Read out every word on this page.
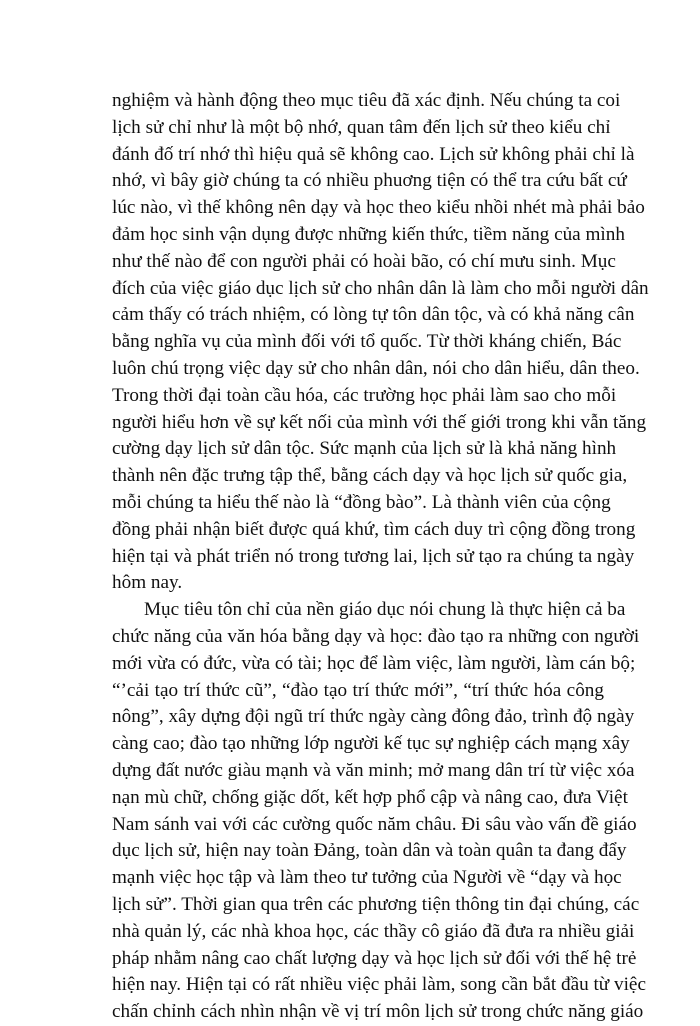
nghiệm và hành động theo mục tiêu đã xác định. Nếu chúng ta coi
lịch sử chỉ như là một bộ nhớ, quan tâm đến lịch sử theo kiểu chỉ
đánh đố trí nhớ thì hiệu quả sẽ không cao. Lịch sử không phải chỉ là
nhớ, vì bây giờ chúng ta có nhiều phuơng tiện có thể tra cứu bất cứ
lúc nào, vì thế không nên dạy và học theo kiểu nhồi nhét mà phải bảo
đảm học sinh vận dụng được những kiến thức, tiềm năng của mình
như thế nào để con người phải có hoài bão, có chí mưu sinh. Mục
đích của việc giáo dục lịch sử cho nhân dân là làm cho mỗi người dân
cảm thấy có trách nhiệm, có lòng tự tôn dân tộc, và có khả năng cân
bằng nghĩa vụ của mình đối với tổ quốc. Từ thời kháng chiến, Bác
luôn chú trọng việc dạy sử cho nhân dân, nói cho dân hiểu, dân theo.
Trong thời đại toàn cầu hóa, các trường học phải làm sao cho mỗi
người hiểu hơn về sự kết nối của mình với thế giới trong khi vẫn tăng
cường dạy lịch sử dân tộc. Sức mạnh của lịch sử là khả năng hình
thành nên đặc trưng tập thể, bằng cách dạy và học lịch sử quốc gia,
mỗi chúng ta hiểu thế nào là “đồng bào”. Là thành viên của cộng
đồng phải nhận biết được quá khứ, tìm cách duy trì cộng đồng trong
hiện tại và phát triển nó trong tương lai, lịch sử tạo ra chúng ta ngày
hôm nay.
Mục tiêu tôn chỉ của nền giáo dục nói chung là thực hiện cả ba
chức năng của văn hóa bằng dạy và học: đào tạo ra những con người
mới vừa có đức, vừa có tài; học để làm việc, làm người, làm cán bộ;
“’cải tạo trí thức cũ”, “đào tạo trí thức mới”, “trí thức hóa công
nông”, xây dựng đội ngũ trí thức ngày càng đông đảo, trình độ ngày
càng cao; đào tạo những lớp người kế tục sự nghiệp cách mạng xây
dựng đất nước giàu mạnh và văn minh; mở mang dân trí từ việc xóa
nạn mù chữ, chống giặc dốt, kết hợp phổ cập và nâng cao, đưa Việt
Nam sánh vai với các cường quốc năm châu. Đi sâu vào vấn đề giáo
dục lịch sử, hiện nay toàn Đảng, toàn dân và toàn quân ta đang đẩy
mạnh việc học tập và làm theo tư tưởng của Người về “dạy và học
lịch sử”. Thời gian qua trên các phương tiện thông tin đại chúng, các
nhà quản lý, các nhà khoa học, các thầy cô giáo đã đưa ra nhiều giải
pháp nhằm nâng cao chất lượng dạy và học lịch sử đối với thế hệ trẻ
hiện nay. Hiện tại có rất nhiều việc phải làm, song cần bắt đầu từ việc
chấn chỉnh cách nhìn nhận về vị trí môn lịch sử trong chức năng giáo
